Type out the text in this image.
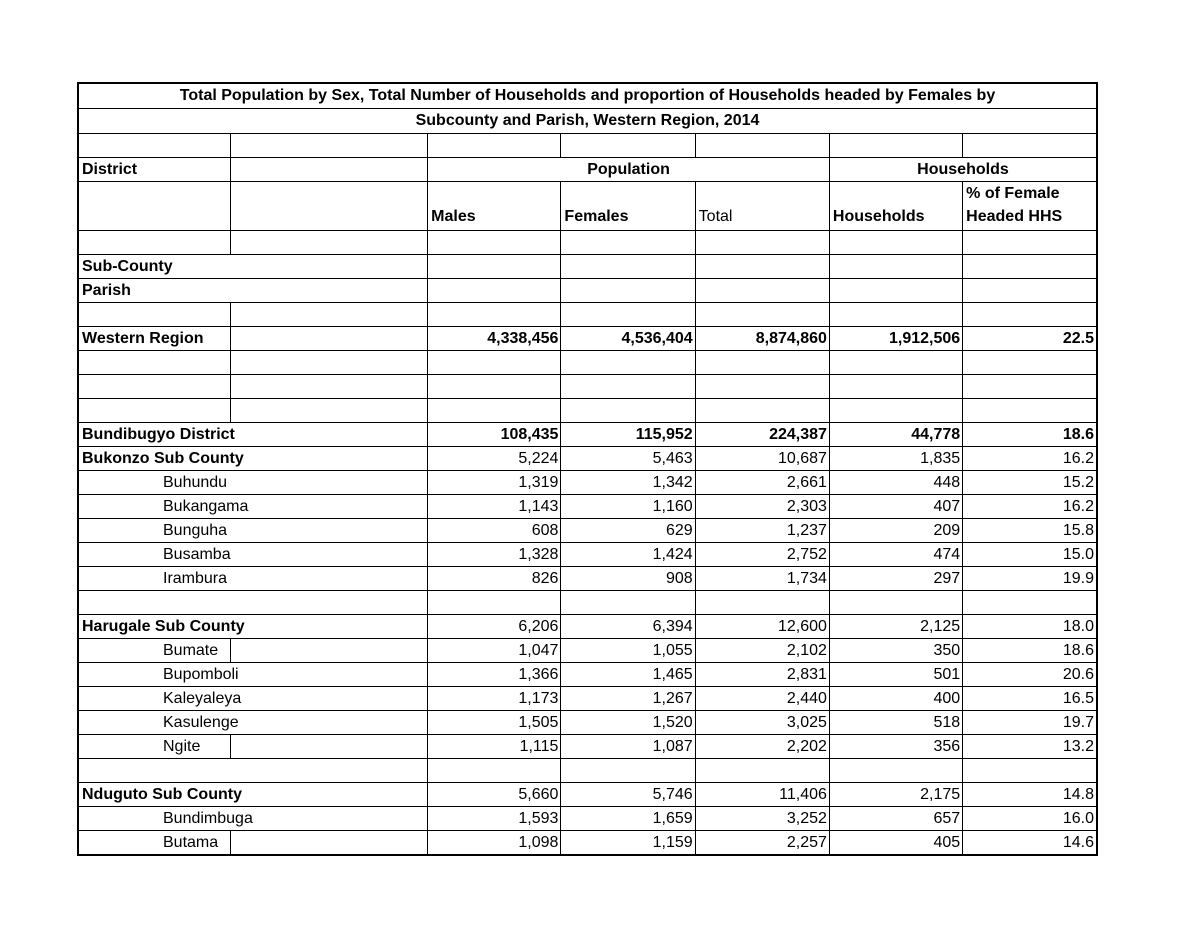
Total Population by Sex, Total Number of Households and proportion of Households headed by Females by						
Subcounty and Parish, Western Region, 2014						

District		Population			Households	
		Males	Females	Total	Households	% of Female Headed HHS

Sub-County						
Parish						

Western Region		4,338,456	4,536,404	8,874,860	1,912,506	22.5

Bundibugyo District		108,435	115,952	224,387	44,778	18.6
Bukonzo Sub County		5,224	5,463	10,687	1,835	16.2
Buhundu		1,319	1,342	2,661	448	15.2
Bukangama		1,143	1,160	2,303	407	16.2
Bunguha		608	629	1,237	209	15.8
Busamba		1,328	1,424	2,752	474	15.0
Irambura		826	908	1,734	297	19.9

Harugale Sub County		6,206	6,394	12,600	2,125	18.0
Bumate		1,047	1,055	2,102	350	18.6
Bupomboli		1,366	1,465	2,831	501	20.6
Kaleyaleya		1,173	1,267	2,440	400	16.5
Kasulenge		1,505	1,520	3,025	518	19.7
Ngite		1,115	1,087	2,202	356	13.2

Nduguto Sub County		5,660	5,746	11,406	2,175	14.8
Bundimbuga		1,593	1,659	3,252	657	16.0
Butama		1,098	1,159	2,257	405	14.6
